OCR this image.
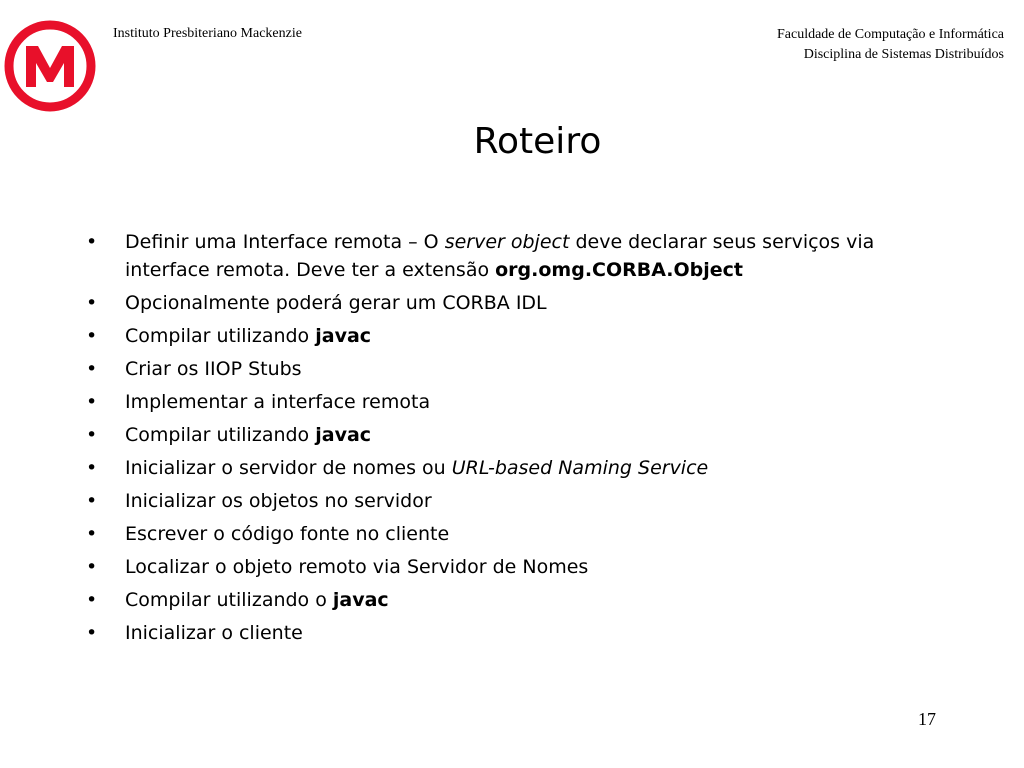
Instituto Presbiteriano Mackenzie	Faculdade de Computação e Informática
Disciplina de Sistemas Distribuídos
Roteiro
•	Definir uma Interface remota – O server object deve declarar seus serviços via interface remota. Deve ter a extensão org.omg.CORBA.Object
•	Opcionalmente poderá gerar um CORBA IDL
•	Compilar utilizando javac
•	Criar os IIOP Stubs
•	Implementar a interface remota
•	Compilar utilizando javac
•	Inicializar o servidor de nomes ou URL-based Naming Service
•	Inicializar os objetos no servidor
•	Escrever o código fonte no cliente
•	Localizar o objeto remoto via Servidor de Nomes
•	Compilar utilizando o javac
•	Inicializar o cliente
17
